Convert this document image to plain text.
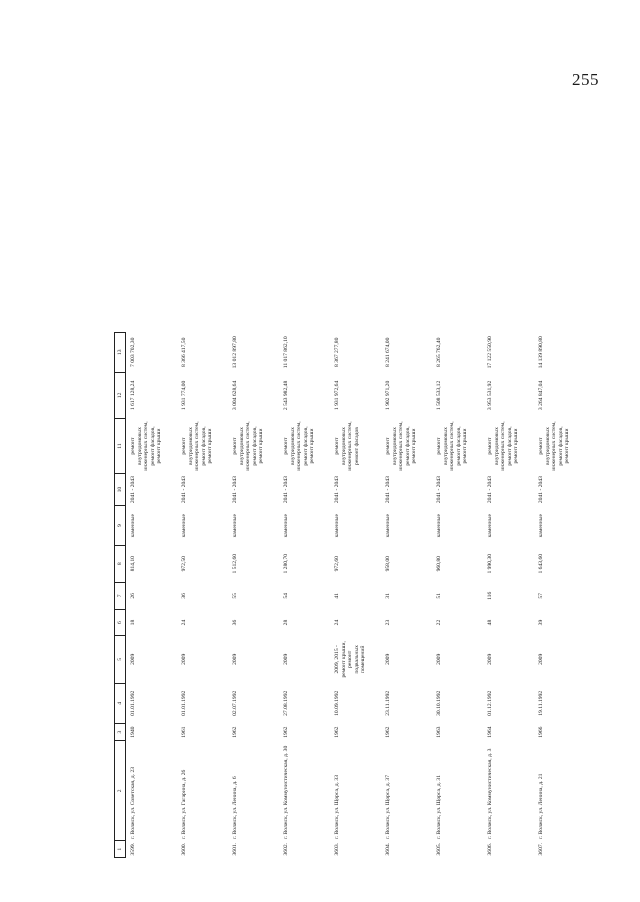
255
1	2	3	4	5	6	7	8	9	10	11	12	13
3599.	г. Волжск, ул. Советская, д. 23	1940	01.01.1992	2009	18	26	814,10	каменные	2041 - 2043	ремонт внутридомовых инженерных систем, ремонт фасадов, ремонт крыши	1 617 128,24	7 003 702,30
3600.	г. Волжск, ул. Гагарина, д. 26	1961	01.01.1992	2009	24	36	972,50	каменные	2041 - 2043	ремонт внутридомовых инженерных систем, ремонт фасадов, ремонт крыши	1 931 774,00	8 366 417,50
3601.	г. Волжск, ул. Ленина, д. 6	1962	02.07.1992	2009	36	55	1 512,60	каменные	2041 - 2043	ремонт внутридомовых инженерных систем, ремонт фасадов, ремонт крыши	3 004 628,64	13 012 897,80
3602.	г. Волжск, ул. Коммунистическая, д. 30	1962	27.08.1992	2009	28	54	1 280,70	каменные	2041 - 2043	ремонт внутридомовых инженерных систем, ремонт фасадов, ремонт крыши	2 543 982,48	11 017 862,10
3603.	г. Волжск, ул. Щорса, д. 33	1962	10.09.1992	2009, 2015 - ремонт крыши, ремонт подвальных помещений	24	41	972,60	каменные	2041 - 2043	ремонт внутридомовых инженерных систем, ремонт фасадов	1 931 972,64	8 367 277,80
3604.	г. Волжск, ул. Щорса, д. 37	1962	23.11.1992	2009	23	31	958,00	каменные	2041 - 2043	ремонт внутридомовых инженерных систем, ремонт фасадов, ремонт крыши	1 902 971,20	8 241 674,00
3605.	г. Волжск, ул. Щорса, д. 31	1963	30.10.1992	2009	22	51	960,80	каменные	2041 - 2043	ремонт внутридомовых инженерных систем, ремонт фасадов, ремонт крыши	1 508 533,12	8 265 762,40
3606.	г. Волжск, ул. Коммунистическая, д. 3	1964	01.12.1992	2009	48	116	1 990,30	каменные	2041 - 2043	ремонт внутридомовых инженерных систем, ремонт фасадов, ремонт крыши	3 953 531,92	17 122 550,90
3607.	г. Волжск, ул. Ленина, д. 21	1966	19.11.1992	2009	39	57	1 643,60	каменные	2041 - 2043	ремонт внутридомовых инженерных систем, ремонт фасадов, ремонт крыши	3 264 847,04	14 139 890,80
